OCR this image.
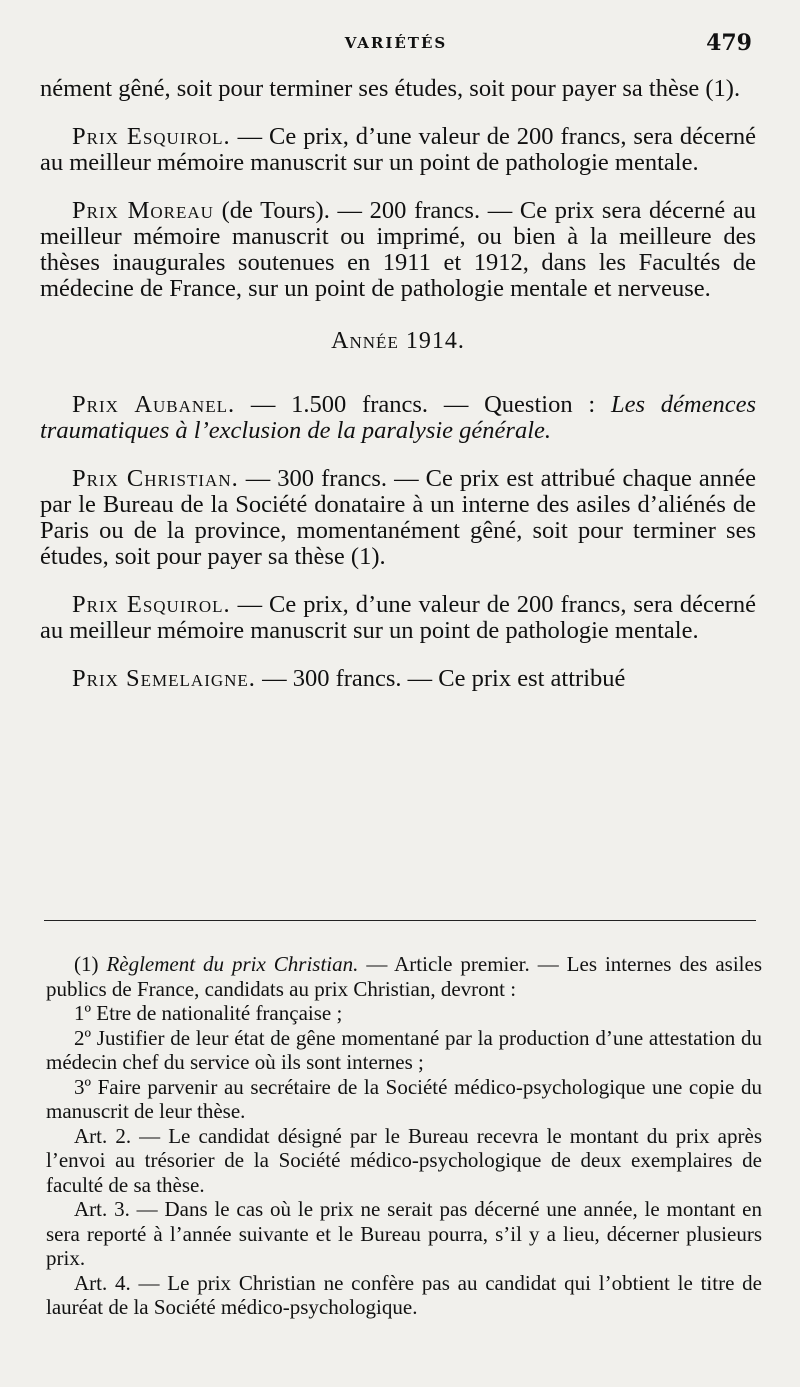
VARIÉTÉS	479

nément gêné, soit pour terminer ses études, soit pour payer sa thèse (1).

Prix Esquirol. — Ce prix, d’une valeur de 200 francs, sera décerné au meilleur mémoire manuscrit sur un point de pathologie mentale.

Prix Moreau (de Tours). — 200 francs. — Ce prix sera décerné au meilleur mémoire manuscrit ou imprimé, ou bien à la meilleure des thèses inaugurales soutenues en 1911 et 1912, dans les Facultés de médecine de France, sur un point de pathologie mentale et nerveuse.

Année 1914.

Prix Aubanel. — 1.500 francs. — Question : Les démences traumatiques à l’exclusion de la paralysie générale.

Prix Christian. — 300 francs. — Ce prix est attribué chaque année par le Bureau de la Société donataire à un interne des asiles d’aliénés de Paris ou de la province, momentanément gêné, soit pour terminer ses études, soit pour payer sa thèse (1).

Prix Esquirol. — Ce prix, d’une valeur de 200 francs, sera décerné au meilleur mémoire manuscrit sur un point de pathologie mentale.

Prix Semelaigne. — 300 francs. — Ce prix est attribué

(1) Règlement du prix Christian. — Article premier. — Les internes des asiles publics de France, candidats au prix Christian, devront :

1º Etre de nationalité française ;

2º Justifier de leur état de gêne momentané par la production d’une attestation du médecin chef du service où ils sont internes ;

3º Faire parvenir au secrétaire de la Société médico-psychologique une copie du manuscrit de leur thèse.

Art. 2. — Le candidat désigné par le Bureau recevra le montant du prix après l’envoi au trésorier de la Société médico-psychologique de deux exemplaires de faculté de sa thèse.

Art. 3. — Dans le cas où le prix ne serait pas décerné une année, le montant en sera reporté à l’année suivante et le Bureau pourra, s’il y a lieu, décerner plusieurs prix.

Art. 4. — Le prix Christian ne confère pas au candidat qui l’obtient le titre de lauréat de la Société médico-psychologique.
